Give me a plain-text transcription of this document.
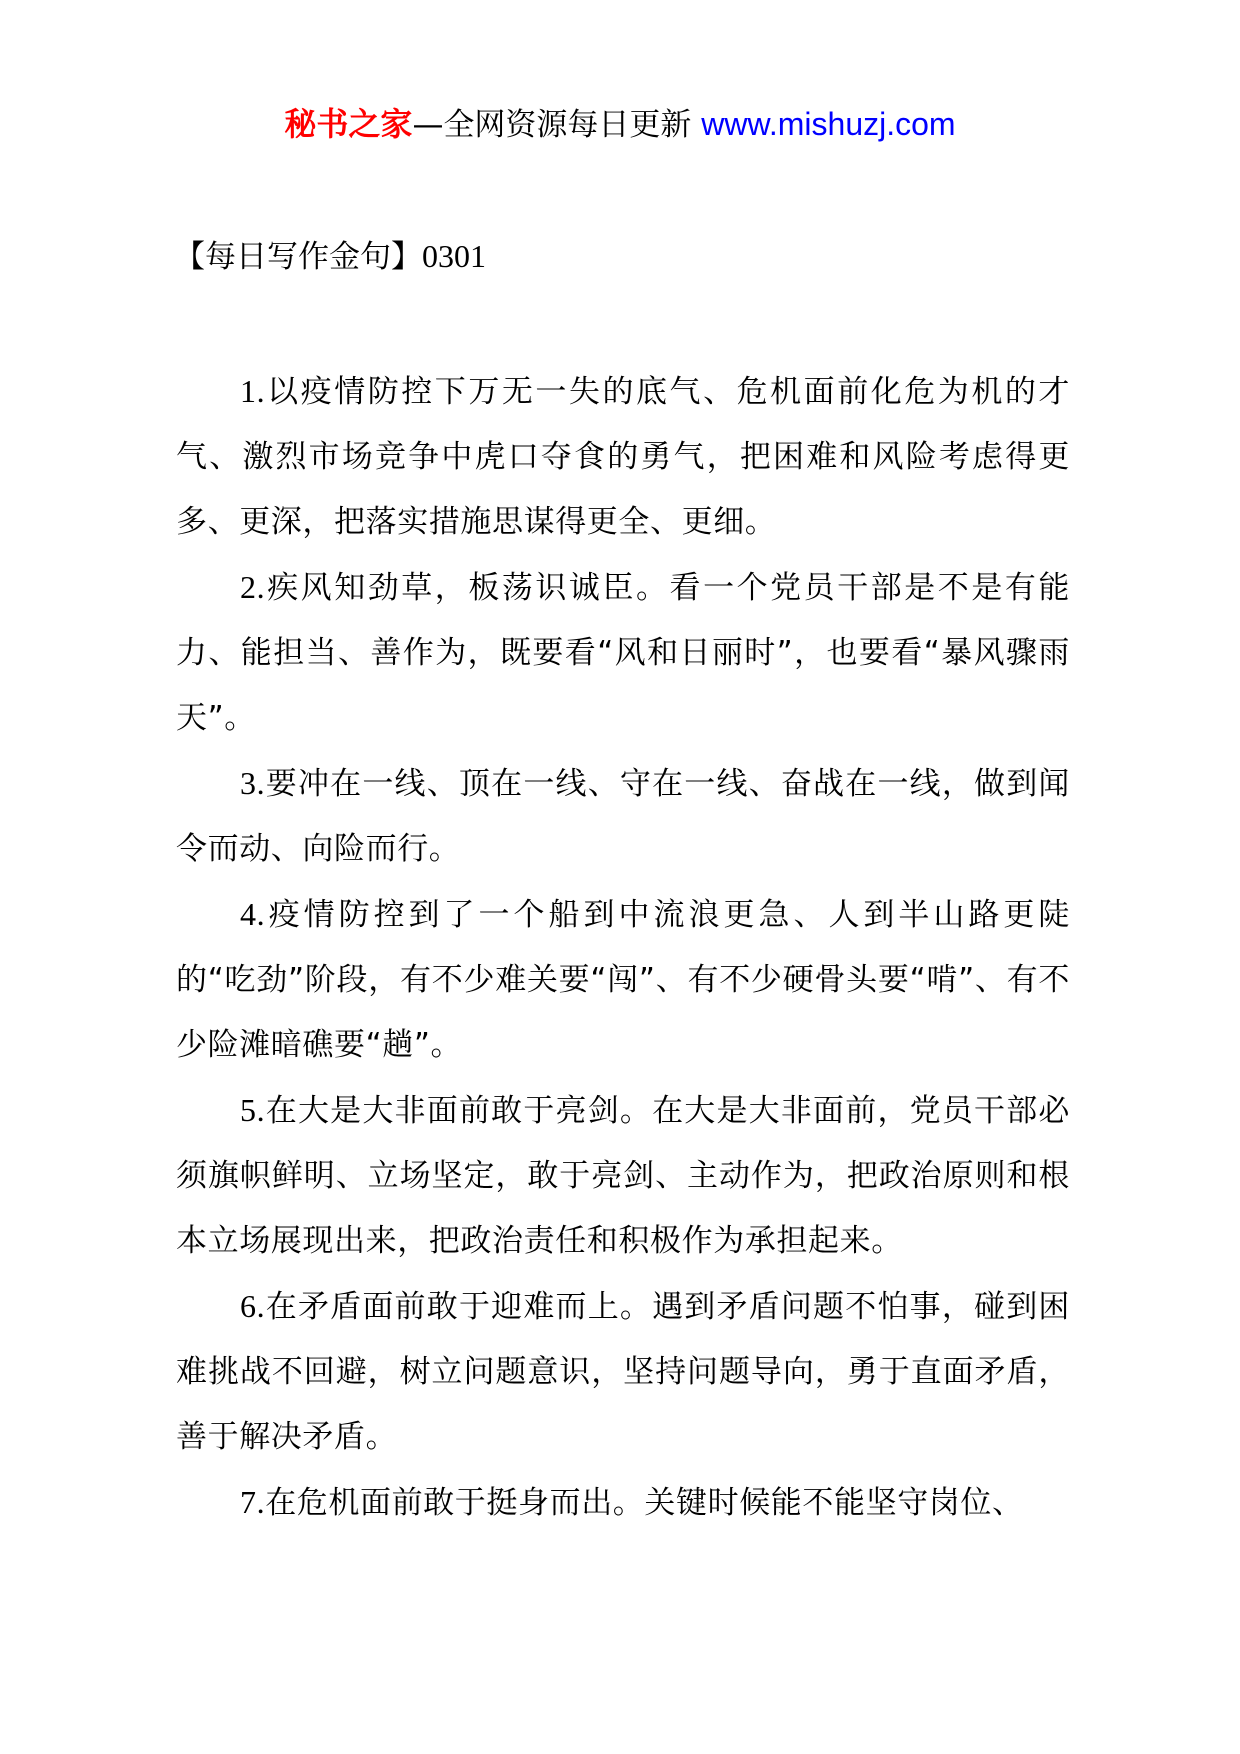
秘书之家—全网资源每日更新 www.mishuzj.com
【每日写作金句】0301

1.以疫情防控下万无一失的底气、危机面前化危为机的才气、激烈市场竞争中虎口夺食的勇气，把困难和风险考虑得更多、更深，把落实措施思谋得更全、更细。

2.疾风知劲草，板荡识诚臣。看一个党员干部是不是有能力、能担当、善作为，既要看“风和日丽时”，也要看“暴风骤雨天”。

3.要冲在一线、顶在一线、守在一线、奋战在一线，做到闻令而动、向险而行。

4.疫情防控到了一个船到中流浪更急、人到半山路更陡的“吃劲”阶段，有不少难关要“闯”、有不少硬骨头要“啃”、有不少险滩暗礁要“趟”。

5.在大是大非面前敢于亮剑。在大是大非面前，党员干部必须旗帜鲜明、立场坚定，敢于亮剑、主动作为，把政治原则和根本立场展现出来，把政治责任和积极作为承担起来。

6.在矛盾面前敢于迎难而上。遇到矛盾问题不怕事，碰到困难挑战不回避，树立问题意识，坚持问题导向，勇于直面矛盾，善于解决矛盾。

7.在危机面前敢于挺身而出。关键时候能不能坚守岗位、
